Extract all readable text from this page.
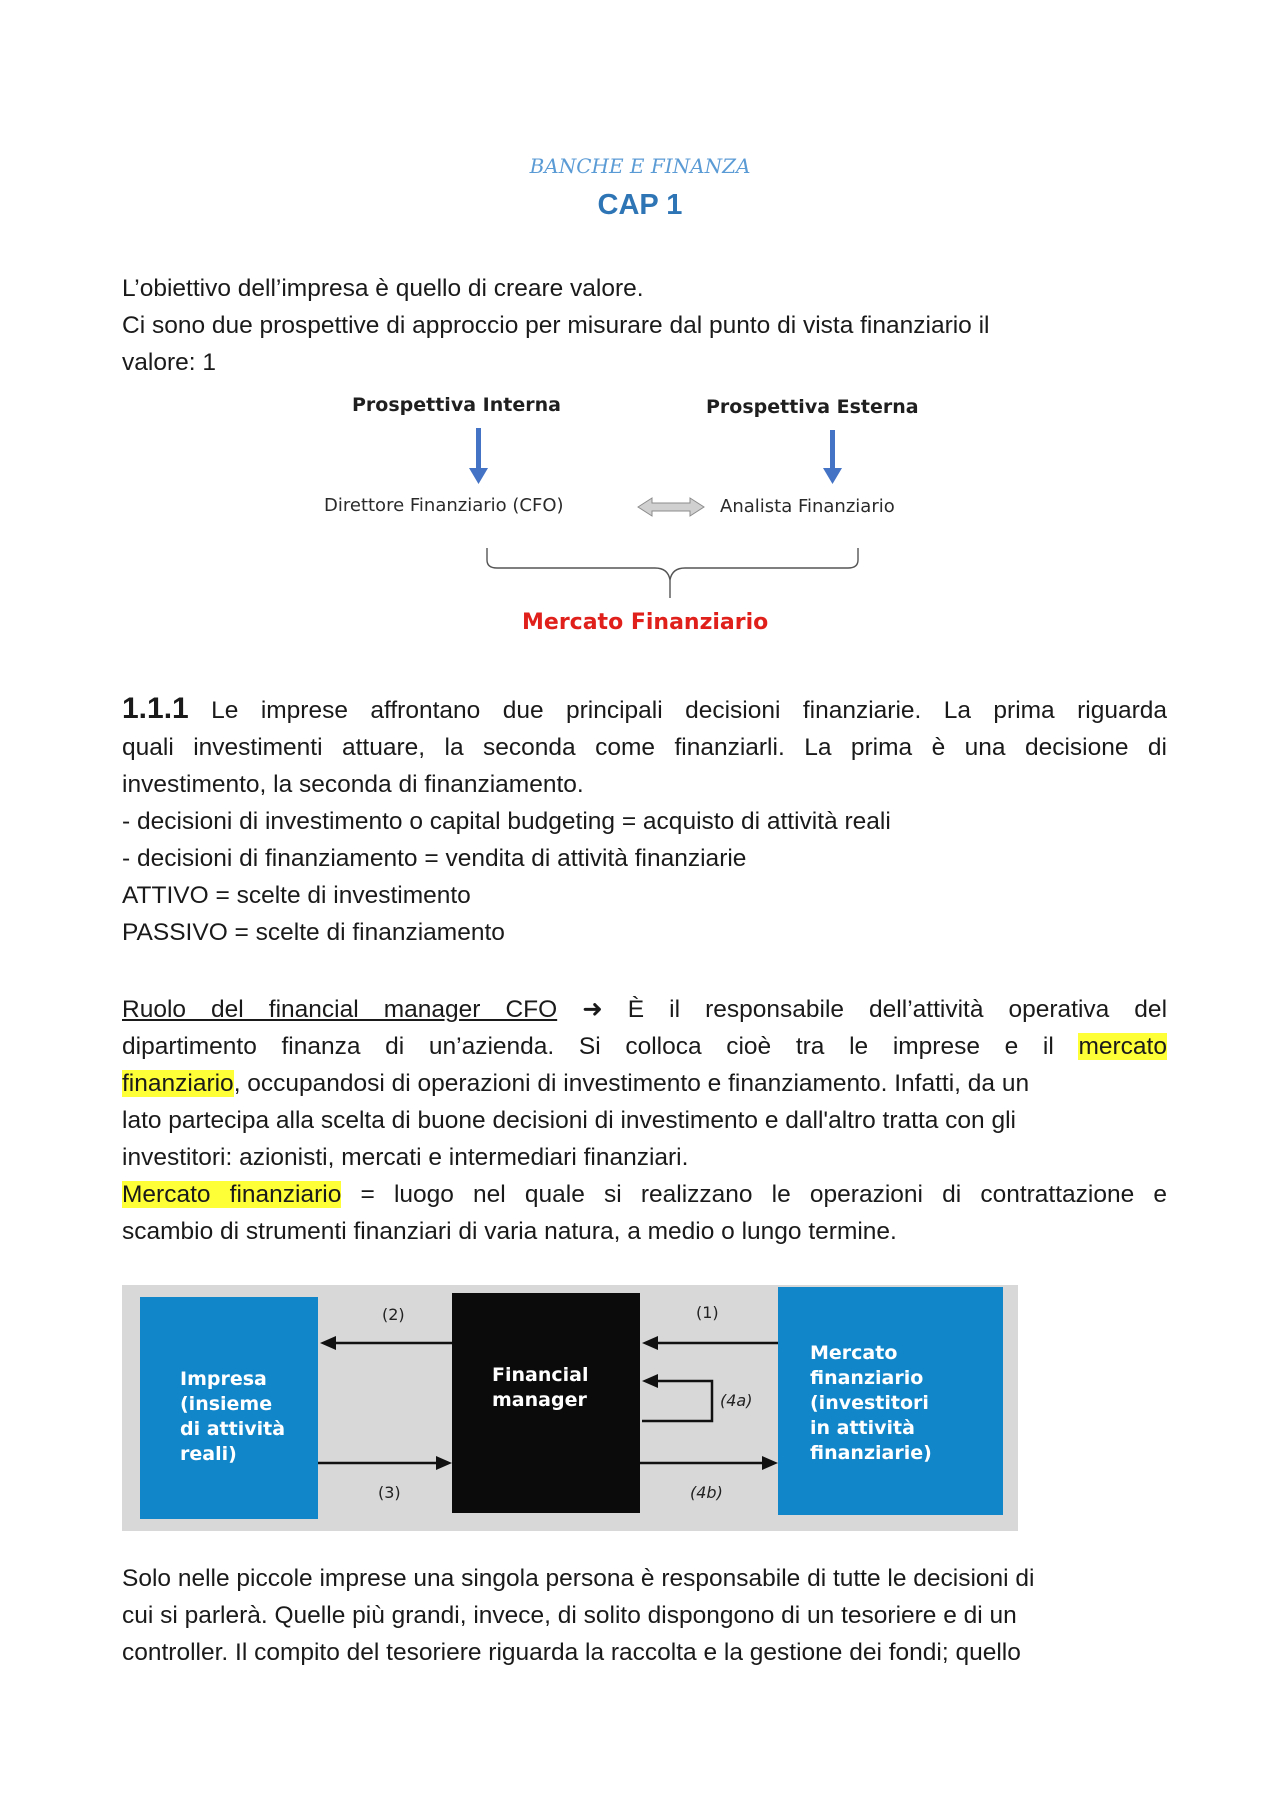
BANCHE E FINANZA
CAP 1
L’obiettivo dell’impresa è quello di creare valore.
Ci sono due prospettive di approccio per misurare dal punto di vista finanziario il
valore: 1
Prospettiva Interna	Prospettiva Esterna
Direttore Finanziario (CFO)	Analista Finanziario
Mercato Finanziario
1.1.1 Le imprese affrontano due principali decisioni finanziarie. La prima riguarda
quali investimenti attuare, la seconda come finanziarli. La prima è una decisione di
investimento, la seconda di finanziamento.
- decisioni di investimento o capital budgeting = acquisto di attività reali
- decisioni di finanziamento = vendita di attività finanziarie
ATTIVO = scelte di investimento
PASSIVO = scelte di finanziamento
Ruolo del financial manager CFO ➜ È il responsabile dell’attività operativa del
dipartimento finanza di un’azienda. Si colloca cioè tra le imprese e il mercato
finanziario, occupandosi di operazioni di investimento e finanziamento. Infatti, da un
lato partecipa alla scelta di buone decisioni di investimento e dall'altro tratta con gli
investitori: azionisti, mercati e intermediari finanziari.
Mercato finanziario = luogo nel quale si realizzano le operazioni di contrattazione e
scambio di strumenti finanziari di varia natura, a medio o lungo termine.
Impresa
(insieme
di attività
reali)
Financial
manager
Mercato
finanziario
(investitori
in attività
finanziarie)
(2)	(1)
(4a)
(3)	(4b)
Solo nelle piccole imprese una singola persona è responsabile di tutte le decisioni di
cui si parlerà. Quelle più grandi, invece, di solito dispongono di un tesoriere e di un
controller. Il compito del tesoriere riguarda la raccolta e la gestione dei fondi; quello
